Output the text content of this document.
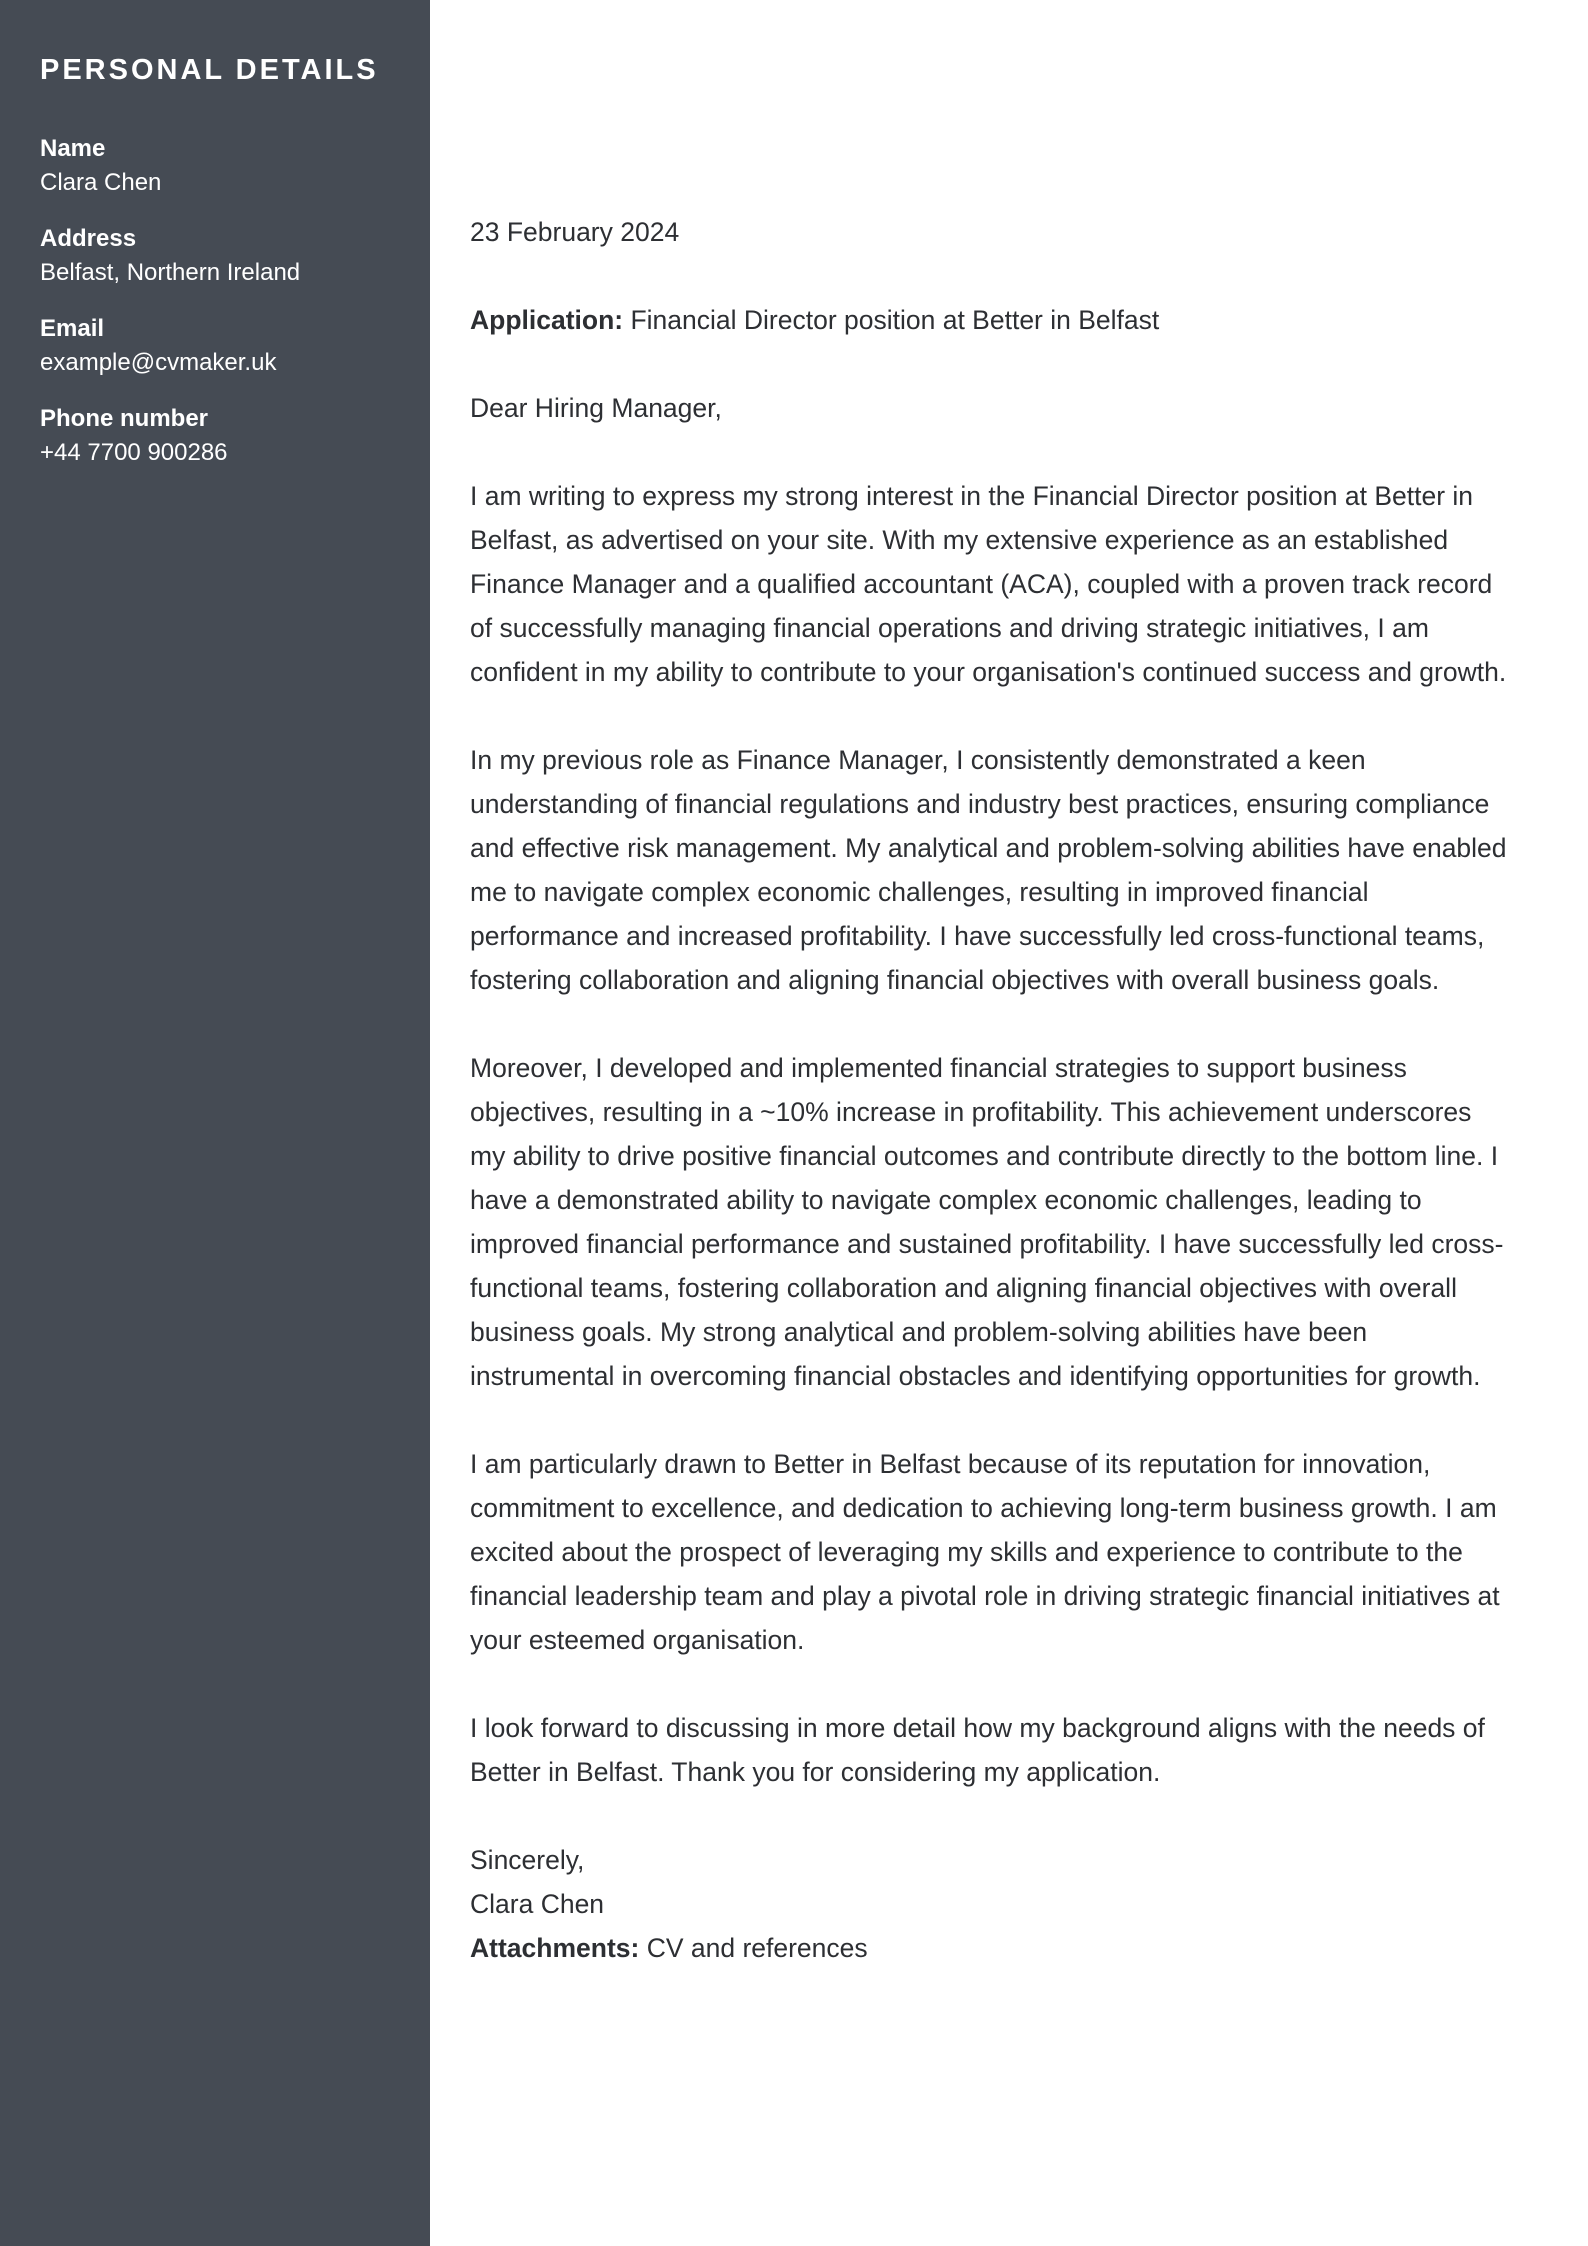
PERSONAL DETAILS
Name
Clara Chen
Address
Belfast, Northern Ireland
Email
example@cvmaker.uk
Phone number
+44 7700 900286

23 February 2024

Application: Financial Director position at Better in Belfast

Dear Hiring Manager,

I am writing to express my strong interest in the Financial Director position at Better in Belfast, as advertised on your site. With my extensive experience as an established Finance Manager and a qualified accountant (ACA), coupled with a proven track record of successfully managing financial operations and driving strategic initiatives, I am confident in my ability to contribute to your organisation's continued success and growth.

In my previous role as Finance Manager, I consistently demonstrated a keen understanding of financial regulations and industry best practices, ensuring compliance and effective risk management. My analytical and problem-solving abilities have enabled me to navigate complex economic challenges, resulting in improved financial performance and increased profitability. I have successfully led cross-functional teams, fostering collaboration and aligning financial objectives with overall business goals.

Moreover, I developed and implemented financial strategies to support business objectives, resulting in a ~10% increase in profitability. This achievement underscores my ability to drive positive financial outcomes and contribute directly to the bottom line. I have a demonstrated ability to navigate complex economic challenges, leading to improved financial performance and sustained profitability. I have successfully led cross-functional teams, fostering collaboration and aligning financial objectives with overall business goals. My strong analytical and problem-solving abilities have been instrumental in overcoming financial obstacles and identifying opportunities for growth.

I am particularly drawn to Better in Belfast because of its reputation for innovation, commitment to excellence, and dedication to achieving long-term business growth. I am excited about the prospect of leveraging my skills and experience to contribute to the financial leadership team and play a pivotal role in driving strategic financial initiatives at your esteemed organisation.

I look forward to discussing in more detail how my background aligns with the needs of Better in Belfast. Thank you for considering my application.

Sincerely,

Clara Chen

Attachments: CV and references
